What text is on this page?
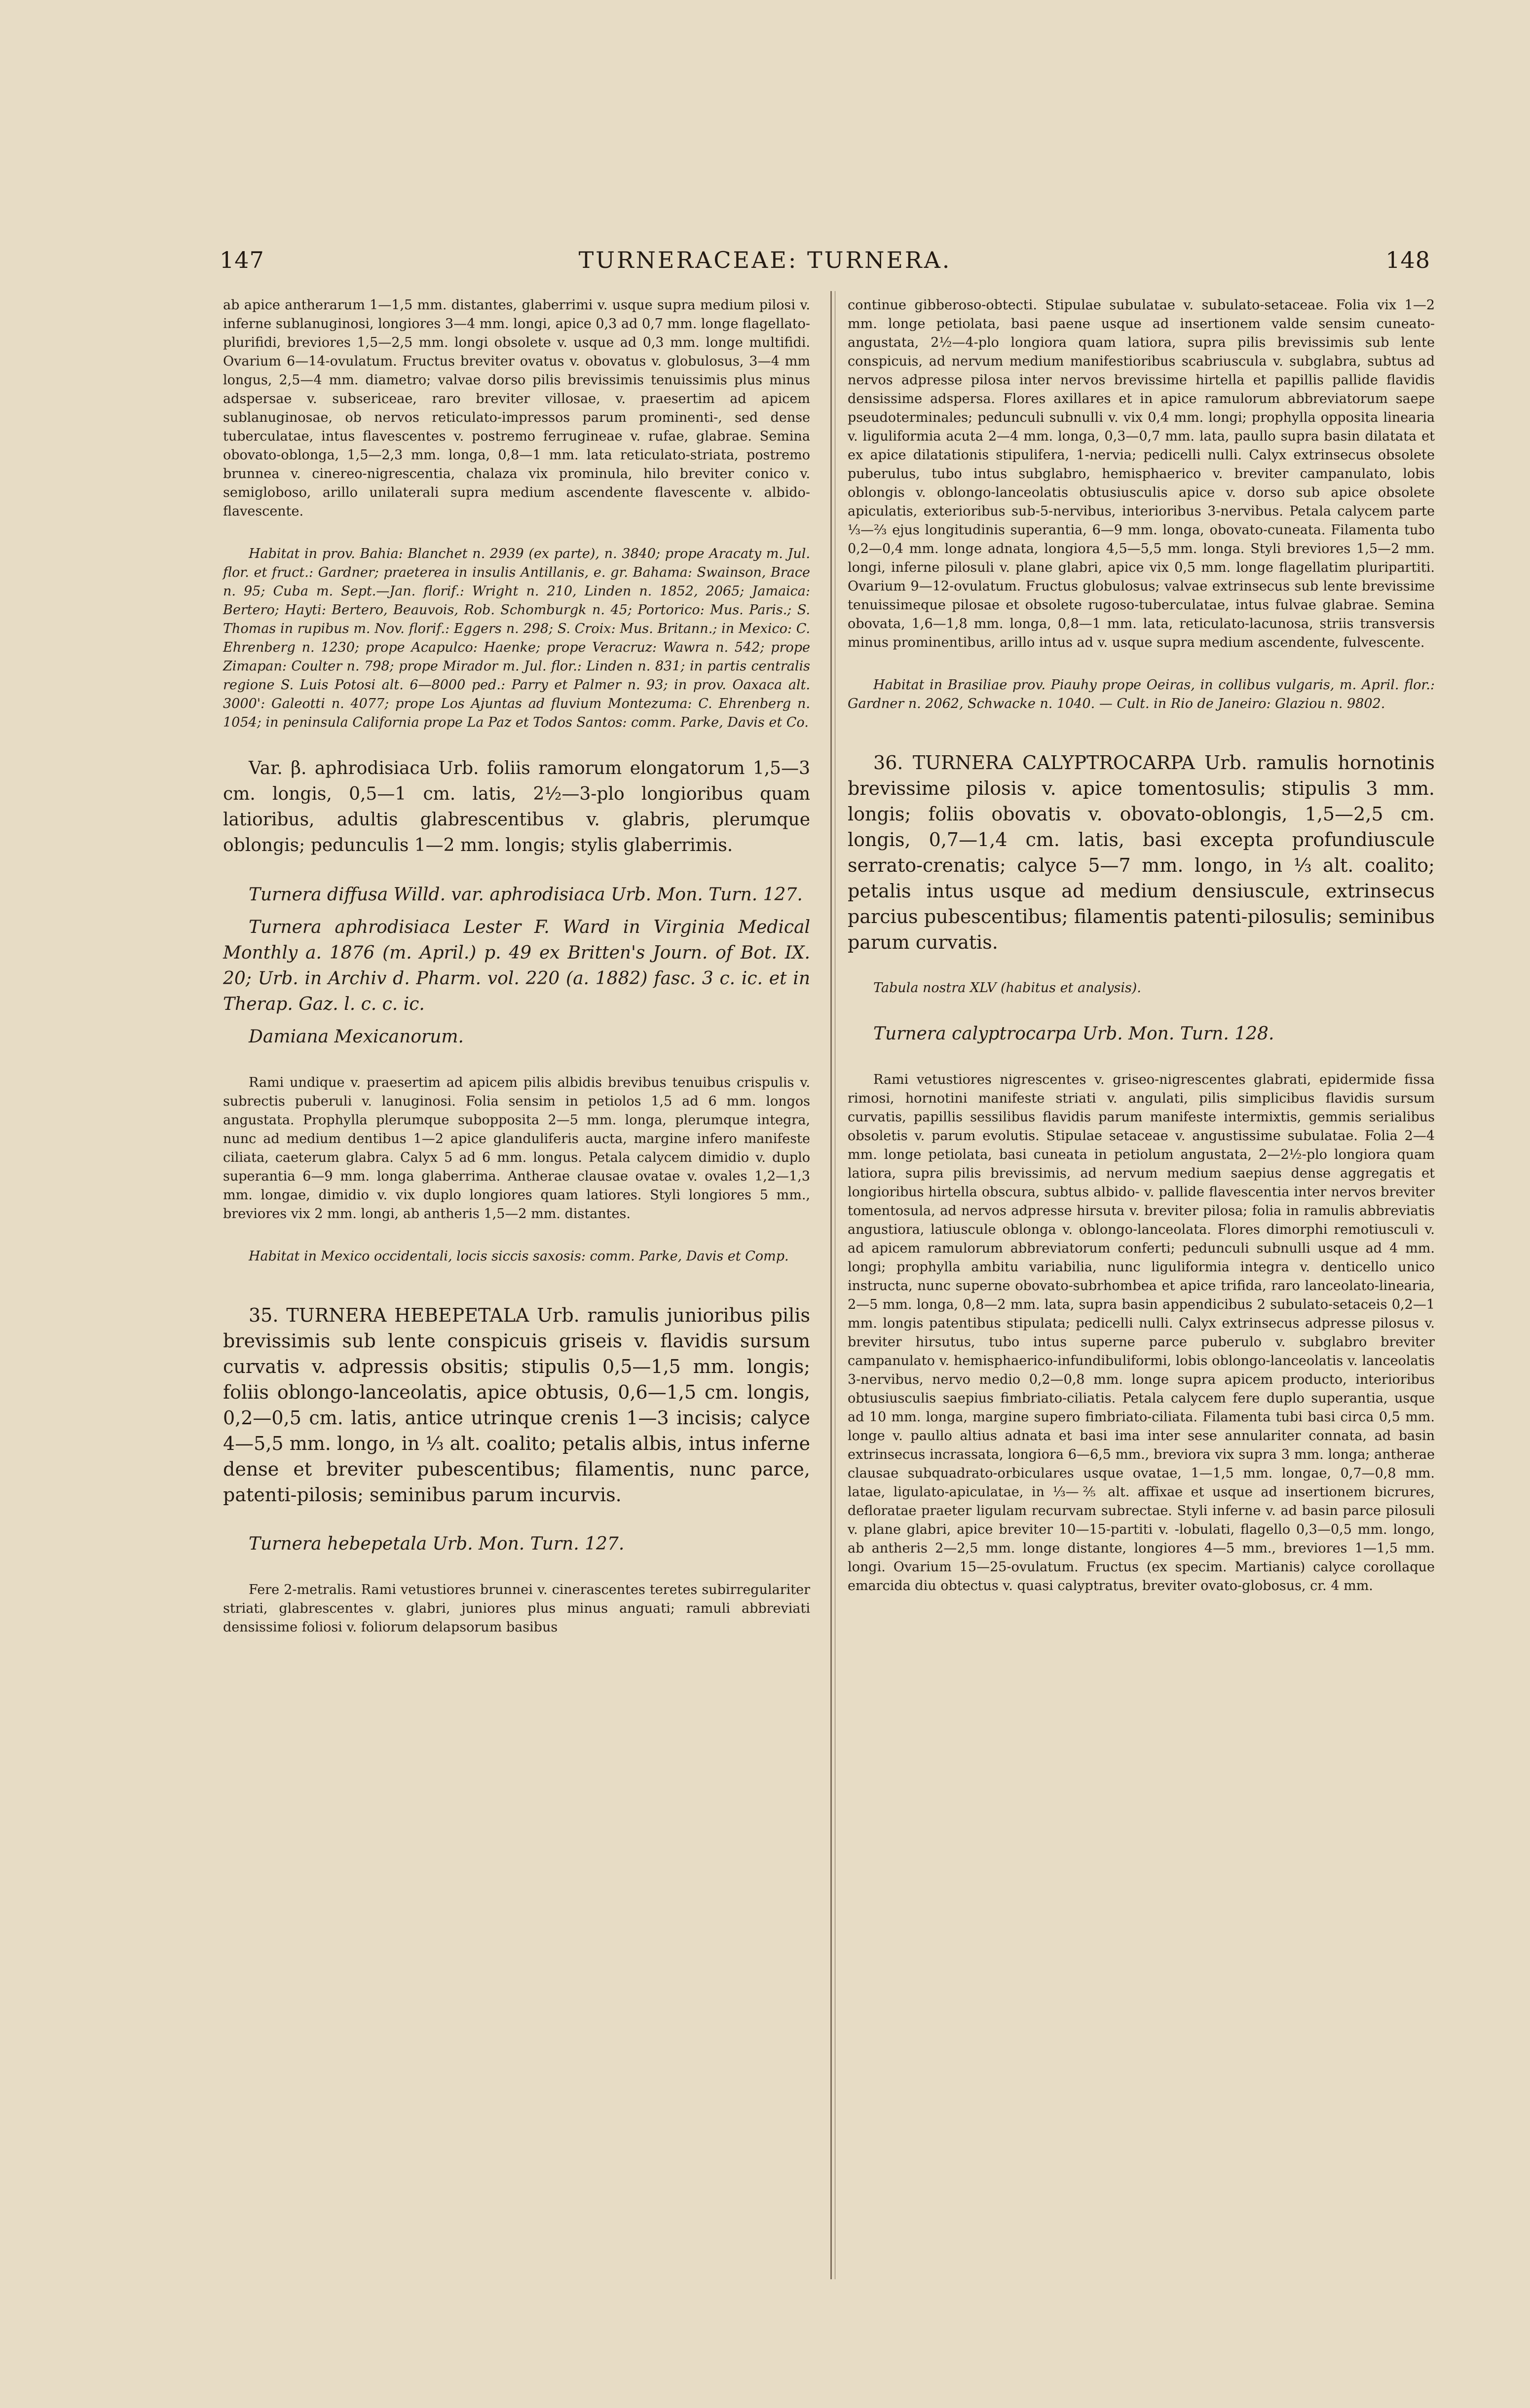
TURNERACEAE: TURNERA.
147	148

ab apice antherarum 1—1,5 mm. distantes, glaberrimi v. usque supra medium pilosi v. inferne sublanuginosi, longiores 3—4 mm. longi, apice 0,3 ad 0,7 mm. longe flagellato-plurifidi, breviores 1,5—2,5 mm. longi obsolete v. usque ad 0,3 mm. longe multifidi. Ovarium 6—14-ovulatum. Fructus breviter ovatus v. obovatus v. globulosus, 3—4 mm longus, 2,5—4 mm. diametro; valvae dorso pilis brevissimis tenuissimis plus minus adspersae v. subsericeae, raro breviter villosae, v. praesertim ad apicem sublanuginosae, ob nervos reticulato-impressos parum prominenti-, sed dense tuberculatae, intus flavescentes v. postremo ferrugineae v. rufae, glabrae. Semina obovato-oblonga, 1,5—2,3 mm. longa, 0,8—1 mm. lata reticulato-striata, postremo brunnea v. cinereo-nigrescentia, chalaza vix prominula, hilo breviter conico v. semigloboso, arillo unilaterali supra medium ascendente flavescente v. albido-flavescente.

Habitat in prov. Bahia: Blanchet n. 2939 (ex parte), n. 3840; prope Aracaty m. Jul. flor. et fruct.: Gardner; praeterea in insulis Antillanis, e. gr. Bahama: Swainson, Brace n. 95; Cuba m. Sept.—Jan. florif.: Wright n. 210, Linden n. 1852, 2065; Jamaica: Bertero; Hayti: Bertero, Beauvois, Rob. Schomburgk n. 45; Portorico: Mus. Paris.; S. Thomas in rupibus m. Nov. florif.: Eggers n. 298; S. Croix: Mus. Britann.; in Mexico: C. Ehrenberg n. 1230; prope Acapulco: Haenke; prope Veracruz: Wawra n. 542; prope Zimapan: Coulter n. 798; prope Mirador m. Jul. flor.: Linden n. 831; in partis centralis regione S. Luis Potosi alt. 6—8000 ped.: Parry et Palmer n. 93; in prov. Oaxaca alt. 3000': Galeotti n. 4077; prope Los Ajuntas ad fluvium Montezuma: C. Ehrenberg n. 1054; in peninsula California prope La Paz et Todos Santos: comm. Parke, Davis et Co.

Var. β. aphrodisiaca Urb. foliis ramorum elongatorum 1,5—3 cm. longis, 0,5—1 cm. latis, 2½—3-plo longioribus quam latioribus, adultis glabrescentibus v. glabris, plerumque oblongis; pedunculis 1—2 mm. longis; stylis glaberrimis.

Turnera diffusa Willd. var. aphrodisiaca Urb. Mon. Turn. 127.

Turnera aphrodisiaca Lester F. Ward in Virginia Medical Monthly a. 1876 (m. April.) p. 49 ex Britten's Journ. of Bot. IX. 20; Urb. in Archiv d. Pharm. vol. 220 (a. 1882) fasc. 3 c. ic. et in Therap. Gaz. l. c. c. ic.

Damiana Mexicanorum.

Rami undique v. praesertim ad apicem pilis albidis brevibus tenuibus crispulis v. subrectis puberuli v. lanuginosi. Folia sensim in petiolos 1,5 ad 6 mm. longos angustata. Prophylla plerumque subopposita 2—5 mm. longa, plerumque integra, nunc ad medium dentibus 1—2 apice glanduliferis aucta, margine infero manifeste ciliata, caeterum glabra. Calyx 5 ad 6 mm. longus. Petala calycem dimidio v. duplo superantia 6—9 mm. longa glaberrima. Antherae clausae ovatae v. ovales 1,2—1,3 mm. longae, dimidio v. vix duplo longiores quam latiores. Styli longiores 5 mm., breviores vix 2 mm. longi, ab antheris 1,5—2 mm. distantes.

Habitat in Mexico occidentali, locis siccis saxosis: comm. Parke, Davis et Comp.

35. TURNERA HEBEPETALA Urb. ramulis junioribus pilis brevissimis sub lente conspicuis griseis v. flavidis sursum curvatis v. adpressis obsitis; stipulis 0,5—1,5 mm. longis; foliis oblongo-lanceolatis, apice obtusis, 0,6—1,5 cm. longis, 0,2—0,5 cm. latis, antice utrinque crenis 1—3 incisis; calyce 4—5,5 mm. longo, in ⅓ alt. coalito; petalis albis, intus inferne dense et breviter pubescentibus; filamentis, nunc parce, patenti-pilosis; seminibus parum incurvis.

Turnera hebepetala Urb. Mon. Turn. 127.

Fere 2-metralis. Rami vetustiores brunnei v. cinerascentes teretes subirregulariter striati, glabrescentes v. glabri, juniores plus minus anguati; ramuli abbreviati densissime foliosi v. foliorum delapsorum basibus

continue gibberoso-obtecti. Stipulae subulatae v. subulato-setaceae. Folia vix 1—2 mm. longe petiolata, basi paene usque ad insertionem valde sensim cuneato-angustata, 2½—4-plo longiora quam latiora, supra pilis brevissimis sub lente conspicuis, ad nervum medium manifestioribus scabriuscula v. subglabra, subtus ad nervos adpresse pilosa inter nervos brevissime hirtella et papillis pallide flavidis densissime adspersa. Flores axillares et in apice ramulorum abbreviatorum saepe pseudoterminales; pedunculi subnulli v. vix 0,4 mm. longi; prophylla opposita linearia v. liguliformia acuta 2—4 mm. longa, 0,3—0,7 mm. lata, paullo supra basin dilatata et ex apice dilatationis stipulifera, 1-nervia; pedicelli nulli. Calyx extrinsecus obsolete puberulus, tubo intus subglabro, hemisphaerico v. breviter campanulato, lobis oblongis v. oblongo-lanceolatis obtusiusculis apice v. dorso sub apice obsolete apiculatis, exterioribus sub-5-nervibus, interioribus 3-nervibus. Petala calycem parte ⅓—⅔ ejus longitudinis superantia, 6—9 mm. longa, obovato-cuneata. Filamenta tubo 0,2—0,4 mm. longe adnata, longiora 4,5—5,5 mm. longa. Styli breviores 1,5—2 mm. longi, inferne pilosuli v. plane glabri, apice vix 0,5 mm. longe flagellatim pluripartiti. Ovarium 9—12-ovulatum. Fructus globulosus; valvae extrinsecus sub lente brevissime tenuissimeque pilosae et obsolete rugoso-tuberculatae, intus fulvae glabrae. Semina obovata, 1,6—1,8 mm. longa, 0,8—1 mm. lata, reticulato-lacunosa, striis transversis minus prominentibus, arillo intus ad v. usque supra medium ascendente, fulvescente.

Habitat in Brasiliae prov. Piauhy prope Oeiras, in collibus vulgaris, m. April. flor.: Gardner n. 2062, Schwacke n. 1040. — Cult. in Rio de Janeiro: Glaziou n. 9802.

36. TURNERA CALYPTROCARPA Urb. ramulis hornotinis brevissime pilosis v. apice tomentosulis; stipulis 3 mm. longis; foliis obovatis v. obovato-oblongis, 1,5—2,5 cm. longis, 0,7—1,4 cm. latis, basi excepta profundiuscule serrato-crenatis; calyce 5—7 mm. longo, in ⅓ alt. coalito; petalis intus usque ad medium densiuscule, extrinsecus parcius pubescentibus; filamentis patenti-pilosulis; seminibus parum curvatis.

Tabula nostra XLV (habitus et analysis).

Turnera calyptrocarpa Urb. Mon. Turn. 128.

Rami vetustiores nigrescentes v. griseo-nigrescentes glabrati, epidermide fissa rimosi, hornotini manifeste striati v. angulati, pilis simplicibus flavidis sursum curvatis, papillis sessilibus flavidis parum manifeste intermixtis, gemmis serialibus obsoletis v. parum evolutis. Stipulae setaceae v. angustissime subulatae. Folia 2—4 mm. longe petiolata, basi cuneata in petiolum angustata, 2—2½-plo longiora quam latiora, supra pilis brevissimis, ad nervum medium saepius dense aggregatis et longioribus hirtella obscura, subtus albido- v. pallide flavescentia inter nervos breviter tomentosula, ad nervos adpresse hirsuta v. breviter pilosa; folia in ramulis abbreviatis angustiora, latiuscule oblonga v. oblongo-lanceolata. Flores dimorphi remotiusculi v. ad apicem ramulorum abbreviatorum conferti; pedunculi subnulli usque ad 4 mm. longi; prophylla ambitu variabilia, nunc liguliformia integra v. denticello unico instructa, nunc superne obovato-subrhombea et apice trifida, raro lanceolato-linearia, 2—5 mm. longa, 0,8—2 mm. lata, supra basin appendicibus 2 subulato-setaceis 0,2—1 mm. longis patentibus stipulata; pedicelli nulli. Calyx extrinsecus adpresse pilosus v. breviter hirsutus, tubo intus superne parce puberulo v. subglabro breviter campanulato v. hemisphaerico-infundibuliformi, lobis oblongo-lanceolatis v. lanceolatis 3-nervibus, nervo medio 0,2—0,8 mm. longe supra apicem producto, interioribus obtusiusculis saepius fimbriato-ciliatis. Petala calycem fere duplo superantia, usque ad 10 mm. longa, margine supero fimbriato-ciliata. Filamenta tubi basi circa 0,5 mm. longe v. paullo altius adnata et basi ima inter sese annulariter connata, ad basin extrinsecus incrassata, longiora 6—6,5 mm., breviora vix supra 3 mm. longa; antherae clausae subquadrato-orbiculares usque ovatae, 1—1,5 mm. longae, 0,7—0,8 mm. latae, ligulato-apiculatae, in ⅓—⅖ alt. affixae et usque ad insertionem bicrures, defloratae praeter ligulam recurvam subrectae. Styli inferne v. ad basin parce pilosuli v. plane glabri, apice breviter 10—15-partiti v. -lobulati, flagello 0,3—0,5 mm. longo, ab antheris 2—2,5 mm. longe distante, longiores 4—5 mm., breviores 1—1,5 mm. longi. Ovarium 15—25-ovulatum. Fructus (ex specim. Martianis) calyce corollaque emarcida diu obtectus v. quasi calyptratus, breviter ovato-globosus, cr. 4 mm.
